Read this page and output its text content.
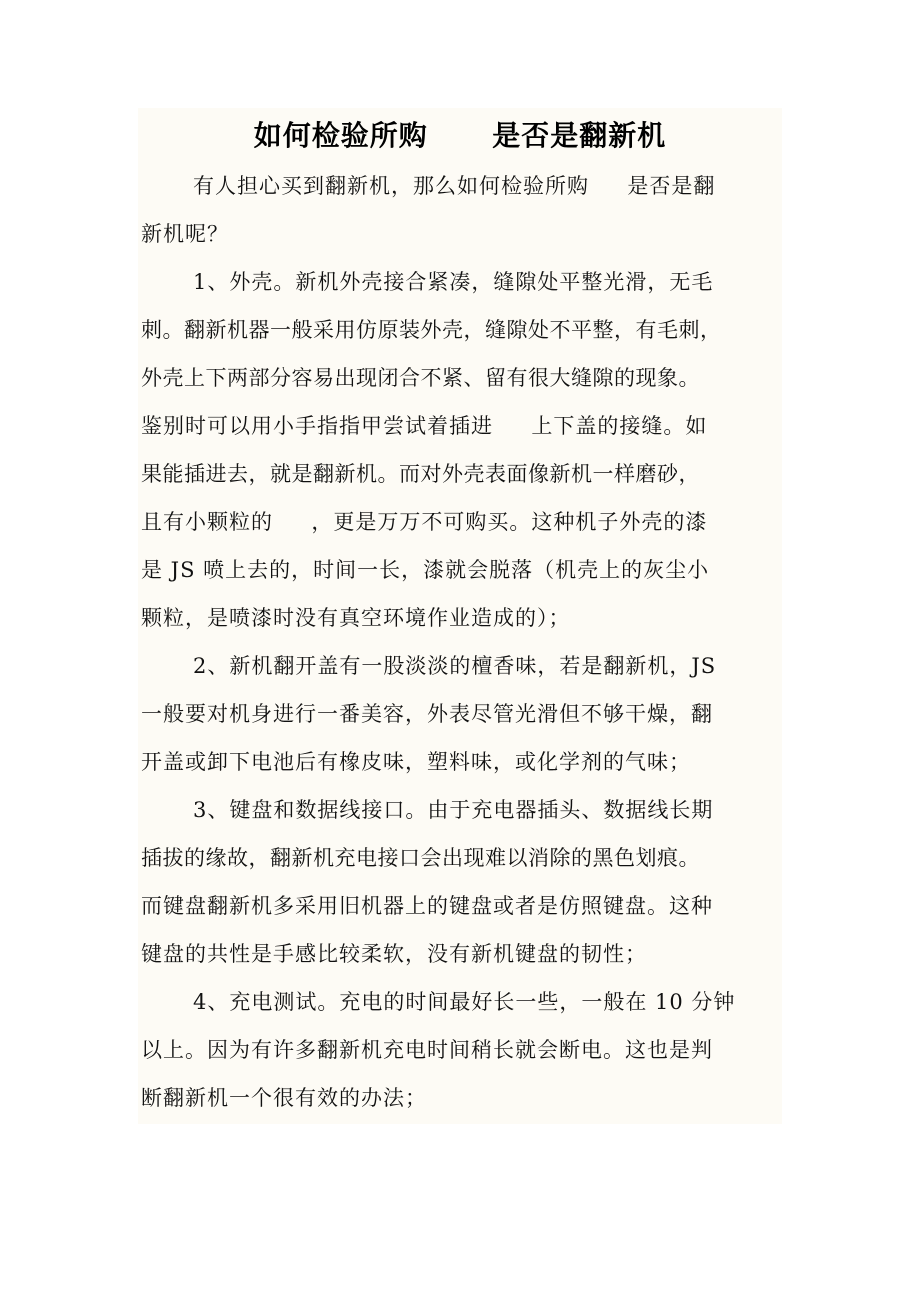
如何检验所购      是否是翻新机
有人担心买到翻新机，那么如何检验所购     是否是翻
新机呢？
1、外壳。新机外壳接合紧凑，缝隙处平整光滑，无毛
刺。翻新机器一般采用仿原装外壳，缝隙处不平整，有毛刺，
外壳上下两部分容易出现闭合不紧、留有很大缝隙的现象。
鉴别时可以用小手指指甲尝试着插进     上下盖的接缝。如
果能插进去，就是翻新机。而对外壳表面像新机一样磨砂，
且有小颗粒的     ，更是万万不可购买。这种机子外壳的漆
是 JS 喷上去的，时间一长，漆就会脱落（机壳上的灰尘小
颗粒，是喷漆时没有真空环境作业造成的）；
2、新机翻开盖有一股淡淡的檀香味，若是翻新机，JS
一般要对机身进行一番美容，外表尽管光滑但不够干燥，翻
开盖或卸下电池后有橡皮味，塑料味，或化学剂的气味；
3、键盘和数据线接口。由于充电器插头、数据线长期
插拔的缘故，翻新机充电接口会出现难以消除的黑色划痕。
而键盘翻新机多采用旧机器上的键盘或者是仿照键盘。这种
键盘的共性是手感比较柔软，没有新机键盘的韧性；
4、充电测试。充电的时间最好长一些，一般在 10 分钟
以上。因为有许多翻新机充电时间稍长就会断电。这也是判
断翻新机一个很有效的办法；
